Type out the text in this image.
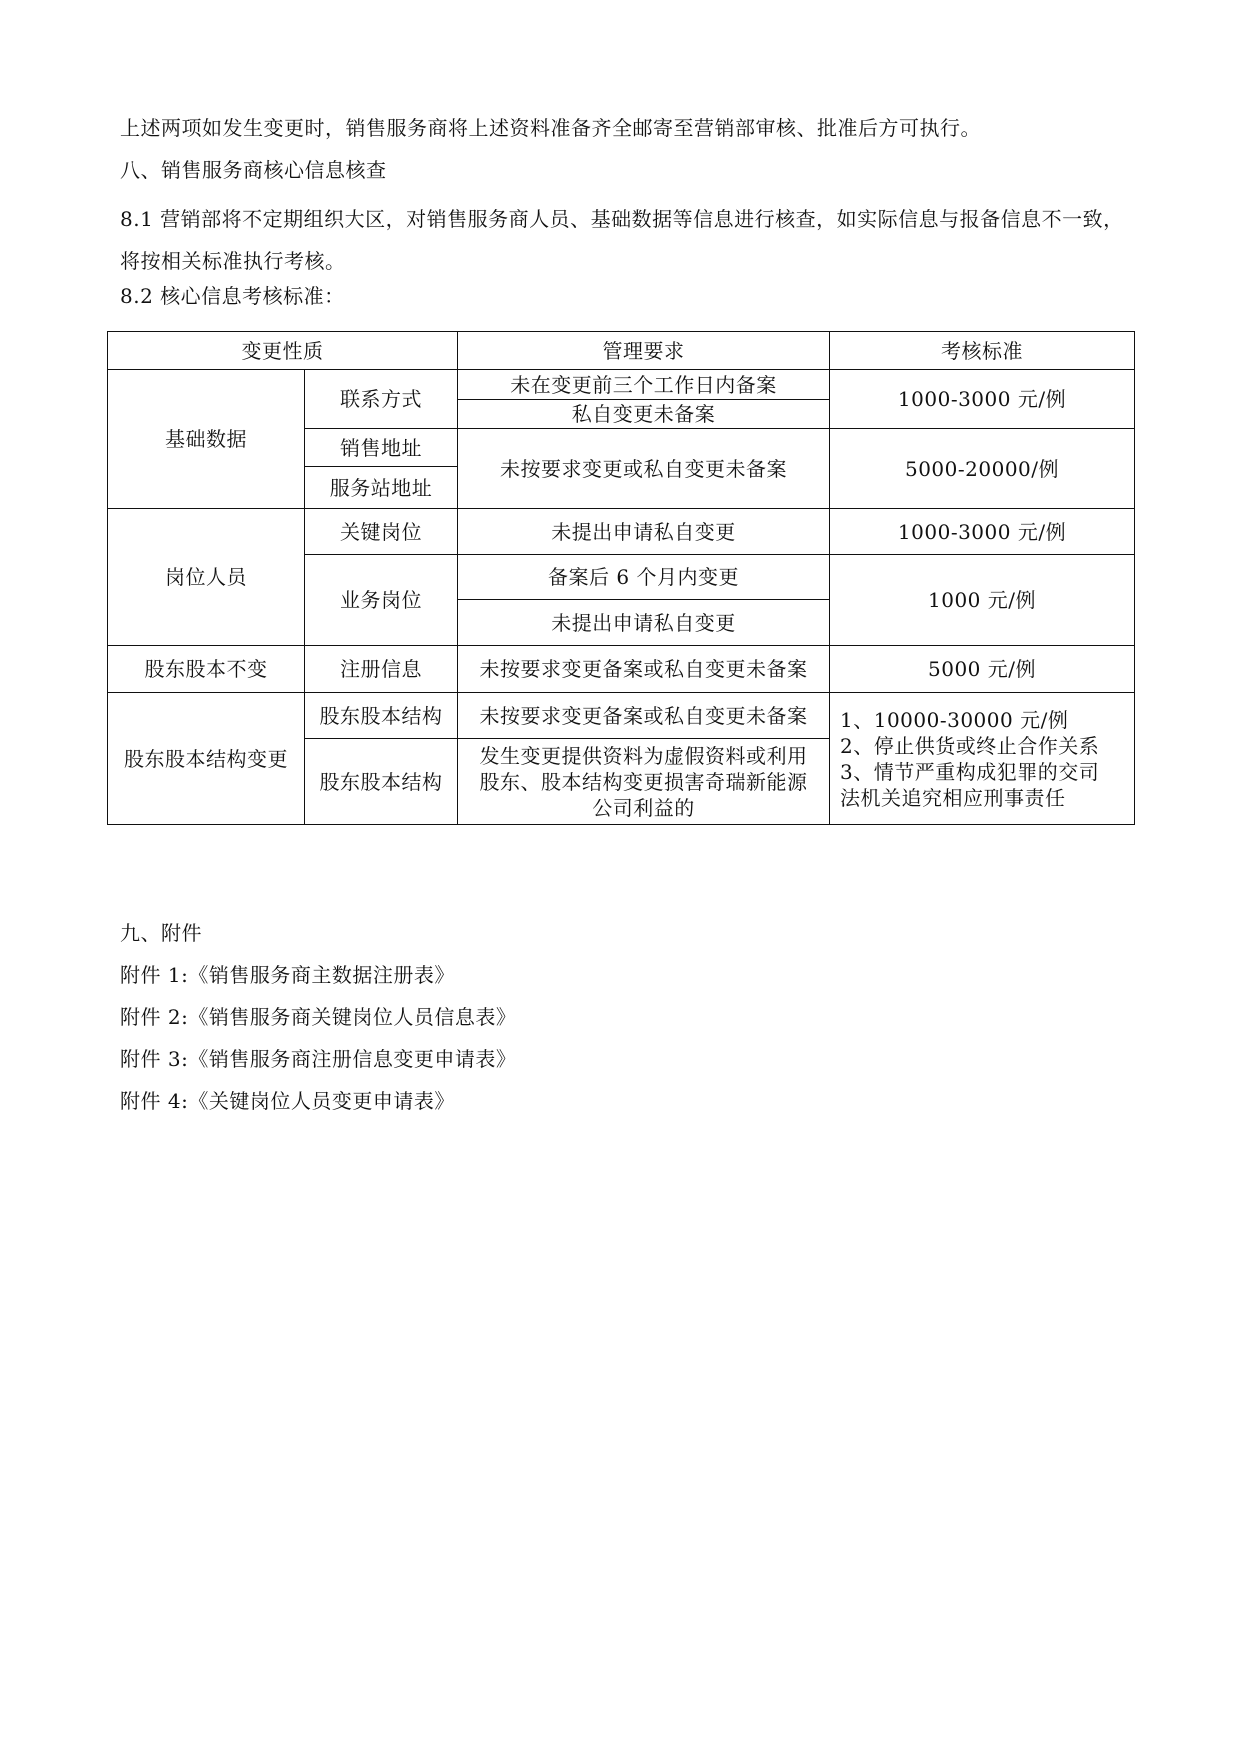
上述两项如发生变更时，销售服务商将上述资料准备齐全邮寄至营销部审核、批准后方可执行。
八、销售服务商核心信息核查
8.1 营销部将不定期组织大区，对销售服务商人员、基础数据等信息进行核查，如实际信息与报备信息不一致，将按相关标准执行考核。
8.2 核心信息考核标准：
变更性质		管理要求	考核标准
基础数据	联系方式	未在变更前三个工作日内备案	1000-3000 元/例
		私自变更未备案	
	销售地址	未按要求变更或私自变更未备案	5000-20000/例
	服务站地址		
岗位人员	关键岗位	未提出申请私自变更	1000-3000 元/例
	业务岗位	备案后 6 个月内变更	1000 元/例
		未提出申请私自变更	
股东股本不变	注册信息	未按要求变更备案或私自变更未备案	5000 元/例
股东股本结构变更	股东股本结构	未按要求变更备案或私自变更未备案	1、10000-30000 元/例
2、停止供货或终止合作关系
3、情节严重构成犯罪的交司
法机关追究相应刑事责任

	股东股本结构	发生变更提供资料为虚假资料或利用
股东、股本结构变更损害奇瑞新能源
公司利益的	
九、附件
附件 1:《销售服务商主数据注册表》
附件 2:《销售服务商关键岗位人员信息表》
附件 3:《销售服务商注册信息变更申请表》
附件 4:《关键岗位人员变更申请表》
